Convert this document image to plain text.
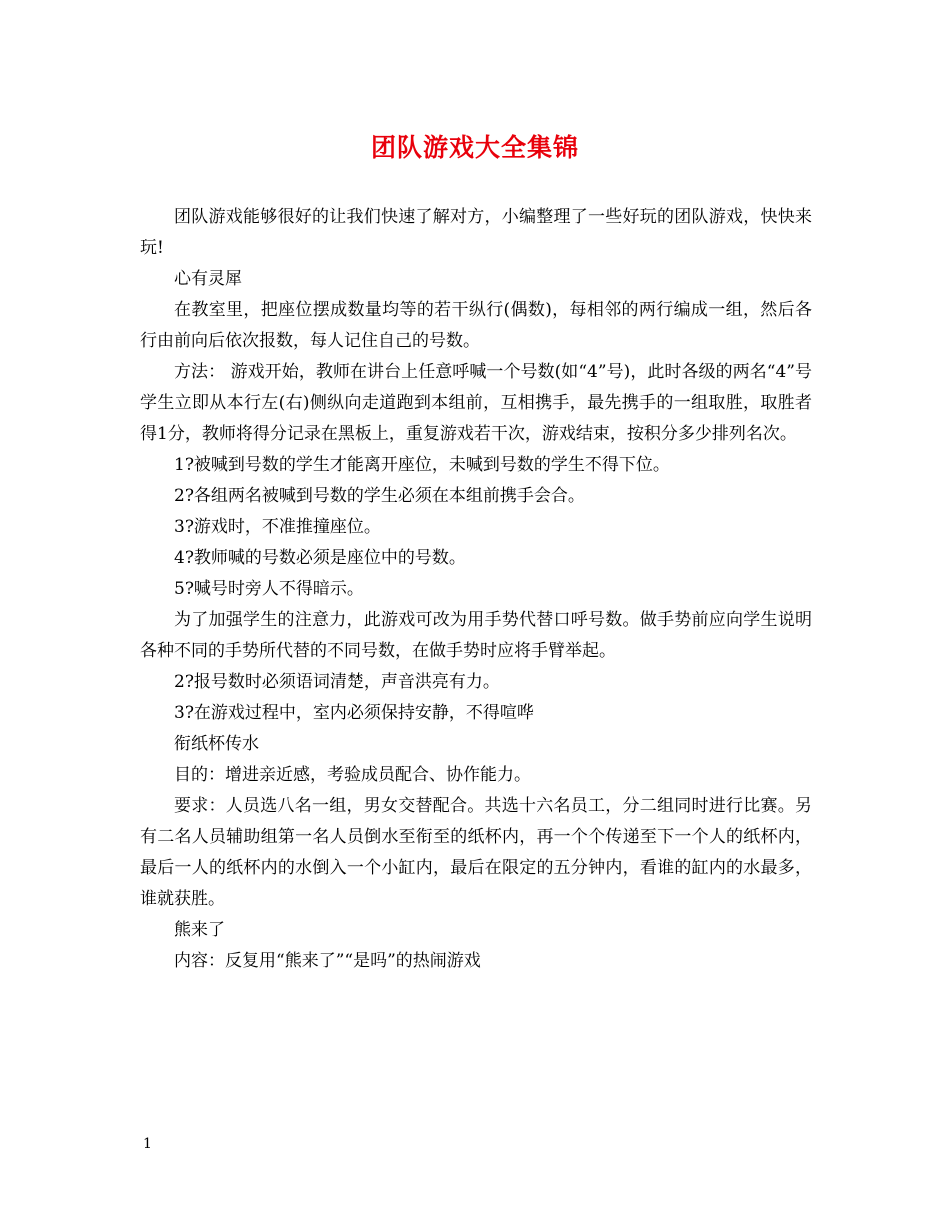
团队游戏大全集锦

团队游戏能够很好的让我们快速了解对方，小编整理了一些好玩的团队游戏，快快来玩!

心有灵犀

在教室里，把座位摆成数量均等的若干纵行(偶数)，每相邻的两行编成一组，然后各行由前向后依次报数，每人记住自己的号数。

方法： 游戏开始，教师在讲台上任意呼喊一个号数(如“4”号)，此时各级的两名“4”号学生立即从本行左(右)侧纵向走道跑到本组前，互相携手，最先携手的一组取胜，取胜者得1分，教师将得分记录在黑板上，重复游戏若干次，游戏结束，按积分多少排列名次。

1?被喊到号数的学生才能离开座位，未喊到号数的学生不得下位。

2?各组两名被喊到号数的学生必须在本组前携手会合。

3?游戏时，不准推撞座位。

4?教师喊的号数必须是座位中的号数。

5?喊号时旁人不得暗示。

为了加强学生的注意力，此游戏可改为用手势代替口呼号数。做手势前应向学生说明各种不同的手势所代替的不同号数，在做手势时应将手臂举起。

2?报号数时必须语词清楚，声音洪亮有力。

3?在游戏过程中，室内必须保持安静，不得喧哗

衔纸杯传水

目的：增进亲近感，考验成员配合、协作能力。

要求：人员选八名一组，男女交替配合。共选十六名员工，分二组同时进行比赛。另有二名人员辅助组第一名人员倒水至衔至的纸杯内，再一个个传递至下一个人的纸杯内，最后一人的纸杯内的水倒入一个小缸内，最后在限定的五分钟内，看谁的缸内的水最多，谁就获胜。

熊来了

内容：反复用“熊来了”“是吗”的热闹游戏

1
